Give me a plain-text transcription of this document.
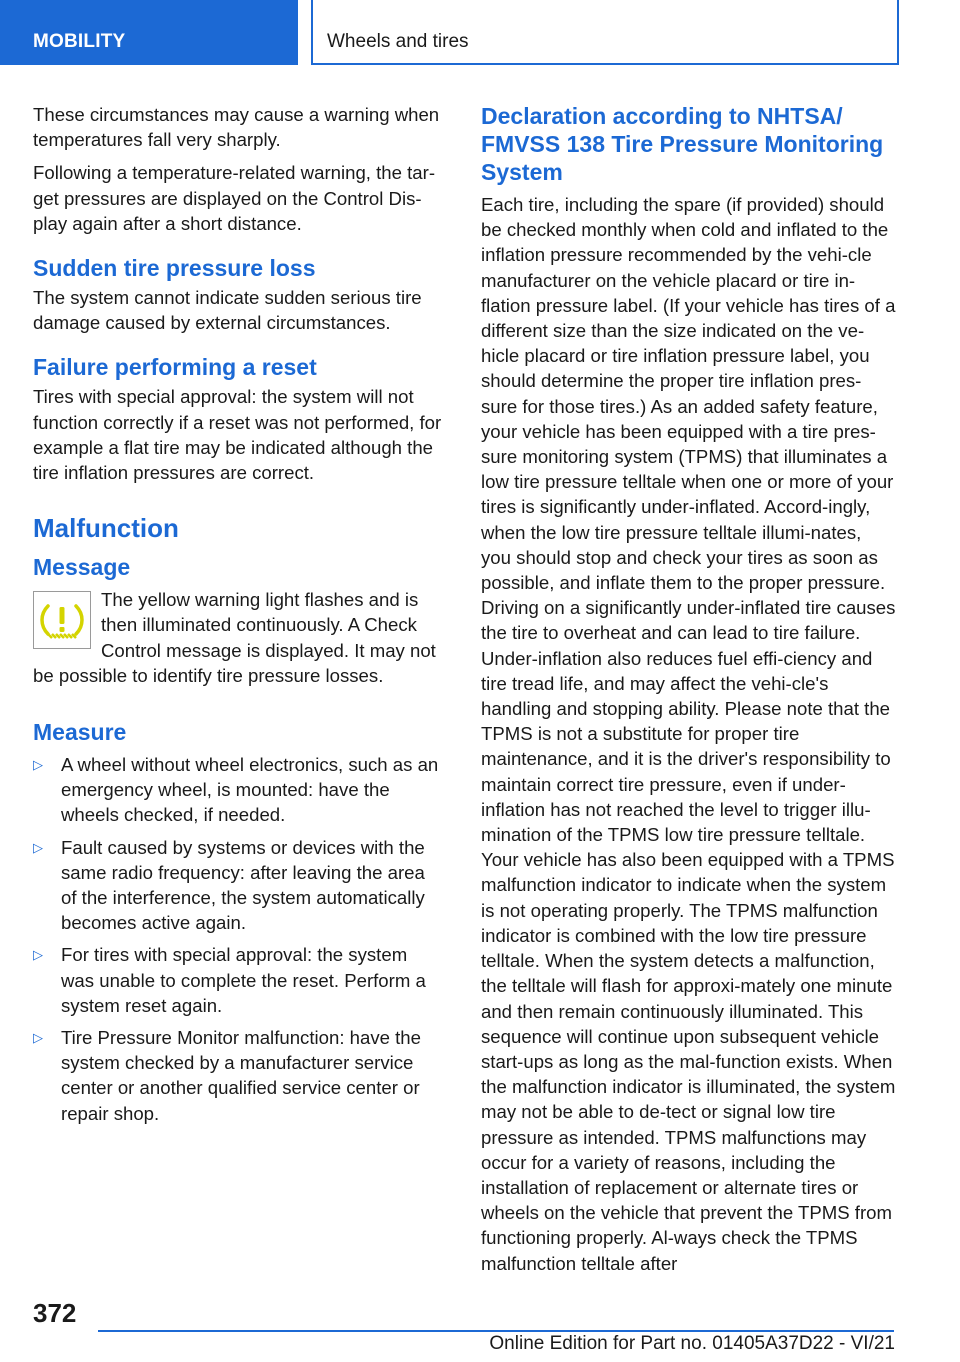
MOBILITY	Wheels and tires

These circumstances may cause a warning when temperatures fall very sharply.

Following a temperature-related warning, the tar‐get pressures are displayed on the Control Dis‐play again after a short distance.

Sudden tire pressure loss

The system cannot indicate sudden serious tire damage caused by external circumstances.

Failure performing a reset

Tires with special approval: the system will not function correctly if a reset was not performed, for example a flat tire may be indicated although the tire inflation pressures are correct.

Malfunction
Message
The yellow warning light flashes and is then illuminated continuously. A Check Control message is displayed. It may not be possible to identify tire pressure losses.
Measure
▷ A wheel without wheel electronics, such as an emergency wheel, is mounted: have the wheels checked, if needed.
▷ Fault caused by systems or devices with the same radio frequency: after leaving the area of the interference, the system automatically becomes active again.
▷ For tires with special approval: the system was unable to complete the reset. Perform a system reset again.
▷ Tire Pressure Monitor malfunction: have the system checked by a manufacturer service center or another qualified service center or repair shop.
Declaration according to NHTSA/ FMVSS 138 Tire Pressure Monitoring System

Each tire, including the spare (if provided) should be checked monthly when cold and inflated to the inflation pressure recommended by the vehi‐cle manufacturer on the vehicle placard or tire in‐flation pressure label. (If your vehicle has tires of a different size than the size indicated on the ve‐hicle placard or tire inflation pressure label, you should determine the proper tire inflation pres‐sure for those tires.) As an added safety feature, your vehicle has been equipped with a tire pres‐sure monitoring system (TPMS) that illuminates a low tire pressure telltale when one or more of your tires is significantly under-inflated. Accord‐ingly, when the low tire pressure telltale illumi‐nates, you should stop and check your tires as soon as possible, and inflate them to the proper pressure. Driving on a significantly under-inflated tire causes the tire to overheat and can lead to tire failure. Under-inflation also reduces fuel effi‐ciency and tire tread life, and may affect the vehi‐cle's handling and stopping ability. Please note that the TPMS is not a substitute for proper tire maintenance, and it is the driver's responsibility to maintain correct tire pressure, even if under-inflation has not reached the level to trigger illu‐mination of the TPMS low tire pressure telltale. Your vehicle has also been equipped with a TPMS malfunction indicator to indicate when the system is not operating properly. The TPMS malfunction indicator is combined with the low tire pressure telltale. When the system detects a malfunction, the telltale will flash for approxi‐mately one minute and then remain continuously illuminated. This sequence will continue upon subsequent vehicle start-ups as long as the mal‐function exists. When the malfunction indicator is illuminated, the system may not be able to de‐tect or signal low tire pressure as intended. TPMS malfunctions may occur for a variety of reasons, including the installation of replacement or alternate tires or wheels on the vehicle that prevent the TPMS from functioning properly. Al‐ways check the TPMS malfunction telltale after

372
Online Edition for Part no. 01405A37D22 - VI/21
